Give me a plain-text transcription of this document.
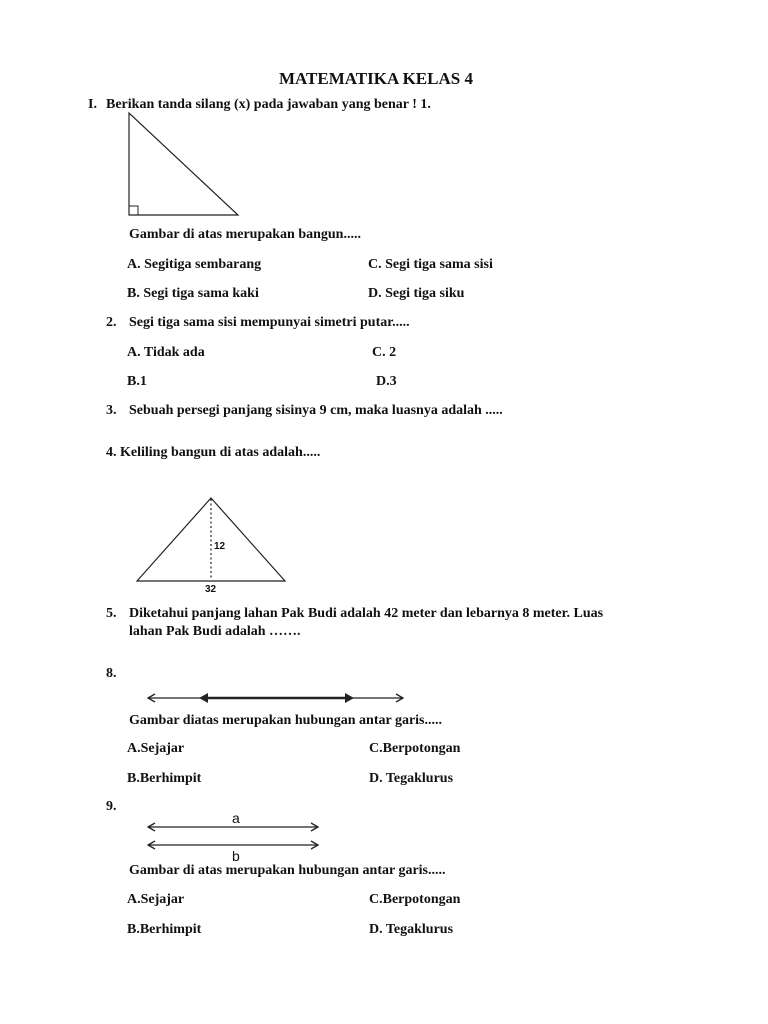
MATEMATIKA KELAS 4
I. Berikan tanda silang (x) pada jawaban yang benar ! 1.
Gambar di atas merupakan bangun.....
A. Segitiga sembarang	C. Segi tiga sama sisi
B. Segi tiga sama kaki	D. Segi tiga siku
2. Segi tiga sama sisi mempunyai simetri putar.....
A. Tidak ada	C. 2
B.1	D.3
3. Sebuah persegi panjang sisinya 9 cm, maka luasnya adalah .....
4. Keliling bangun di atas adalah.....
12
32
5. Diketahui panjang lahan Pak Budi adalah 42 meter dan lebarnya 8 meter. Luas
lahan Pak Budi adalah …….
8.
Gambar diatas merupakan hubungan antar garis.....
A.Sejajar	C.Berpotongan
B.Berhimpit	D. Tegaklurus
9.
a
b
Gambar di atas merupakan hubungan antar garis.....
A.Sejajar	C.Berpotongan
B.Berhimpit	D. Tegaklurus
